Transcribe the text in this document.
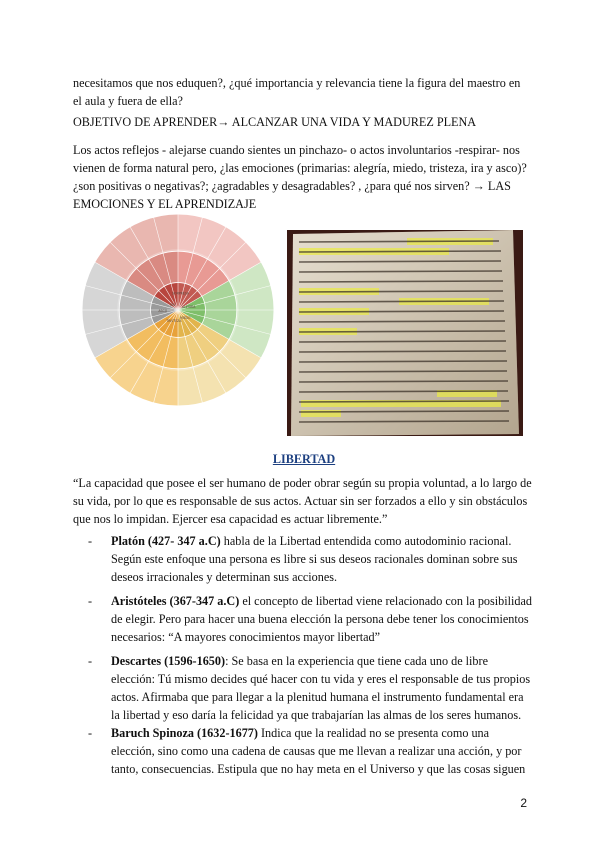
necesitamos que nos eduquen?, ¿qué importancia y relevancia tiene la figura del maestro en
el aula y fuera de ella?

OBJETIVO DE APRENDER→ ALCANZAR UNA VIDA Y MADUREZ PLENA

Los actos reflejos - alejarse cuando sientes un pinchazo- o actos involuntarios -respirar- nos vienen de forma natural pero, ¿las emociones (primarias: alegría, miedo, tristeza, ira y asco)? ¿son positivas o negativas?; ¿agradables y desagradables? , ¿para qué nos sirven? → LAS EMOCIONES Y EL APRENDIZAJE

IRA ALEGRÍA
MIEDO
TRISTEZA
ASCO
SORPRESA

LIBERTAD

“La capacidad que posee el ser humano de poder obrar según su propia voluntad, a lo largo de su vida, por lo que es responsable de sus actos. Actuar sin ser forzados a ello y sin obstáculos que nos lo impidan. Ejercer esa capacidad es actuar libremente.”

- Platón (427- 347 a.C) habla de la Libertad entendida como autodominio racional. Según este enfoque una persona es libre si sus deseos racionales dominan sobre sus deseos irracionales y determinan sus acciones.
- Aristóteles (367-347 a.C) el concepto de libertad viene relacionado con la posibilidad de elegir. Pero para hacer una buena elección la persona debe tener los conocimientos necesarios: “A mayores conocimientos mayor libertad”
- Descartes (1596-1650): Se basa en la experiencia que tiene cada uno de libre elección: Tú mismo decides qué hacer con tu vida y eres el responsable de tus propios actos. Afirmaba que para llegar a la plenitud humana el instrumento fundamental era la libertad y eso daría la felicidad ya que trabajarían las almas de los seres humanos.
- Baruch Spinoza (1632-1677) Indica que la realidad no se presenta como una elección, sino como una cadena de causas que me llevan a realizar una acción, y por tanto, consecuencias. Estipula que no hay meta en el Universo y que las cosas siguen
2
